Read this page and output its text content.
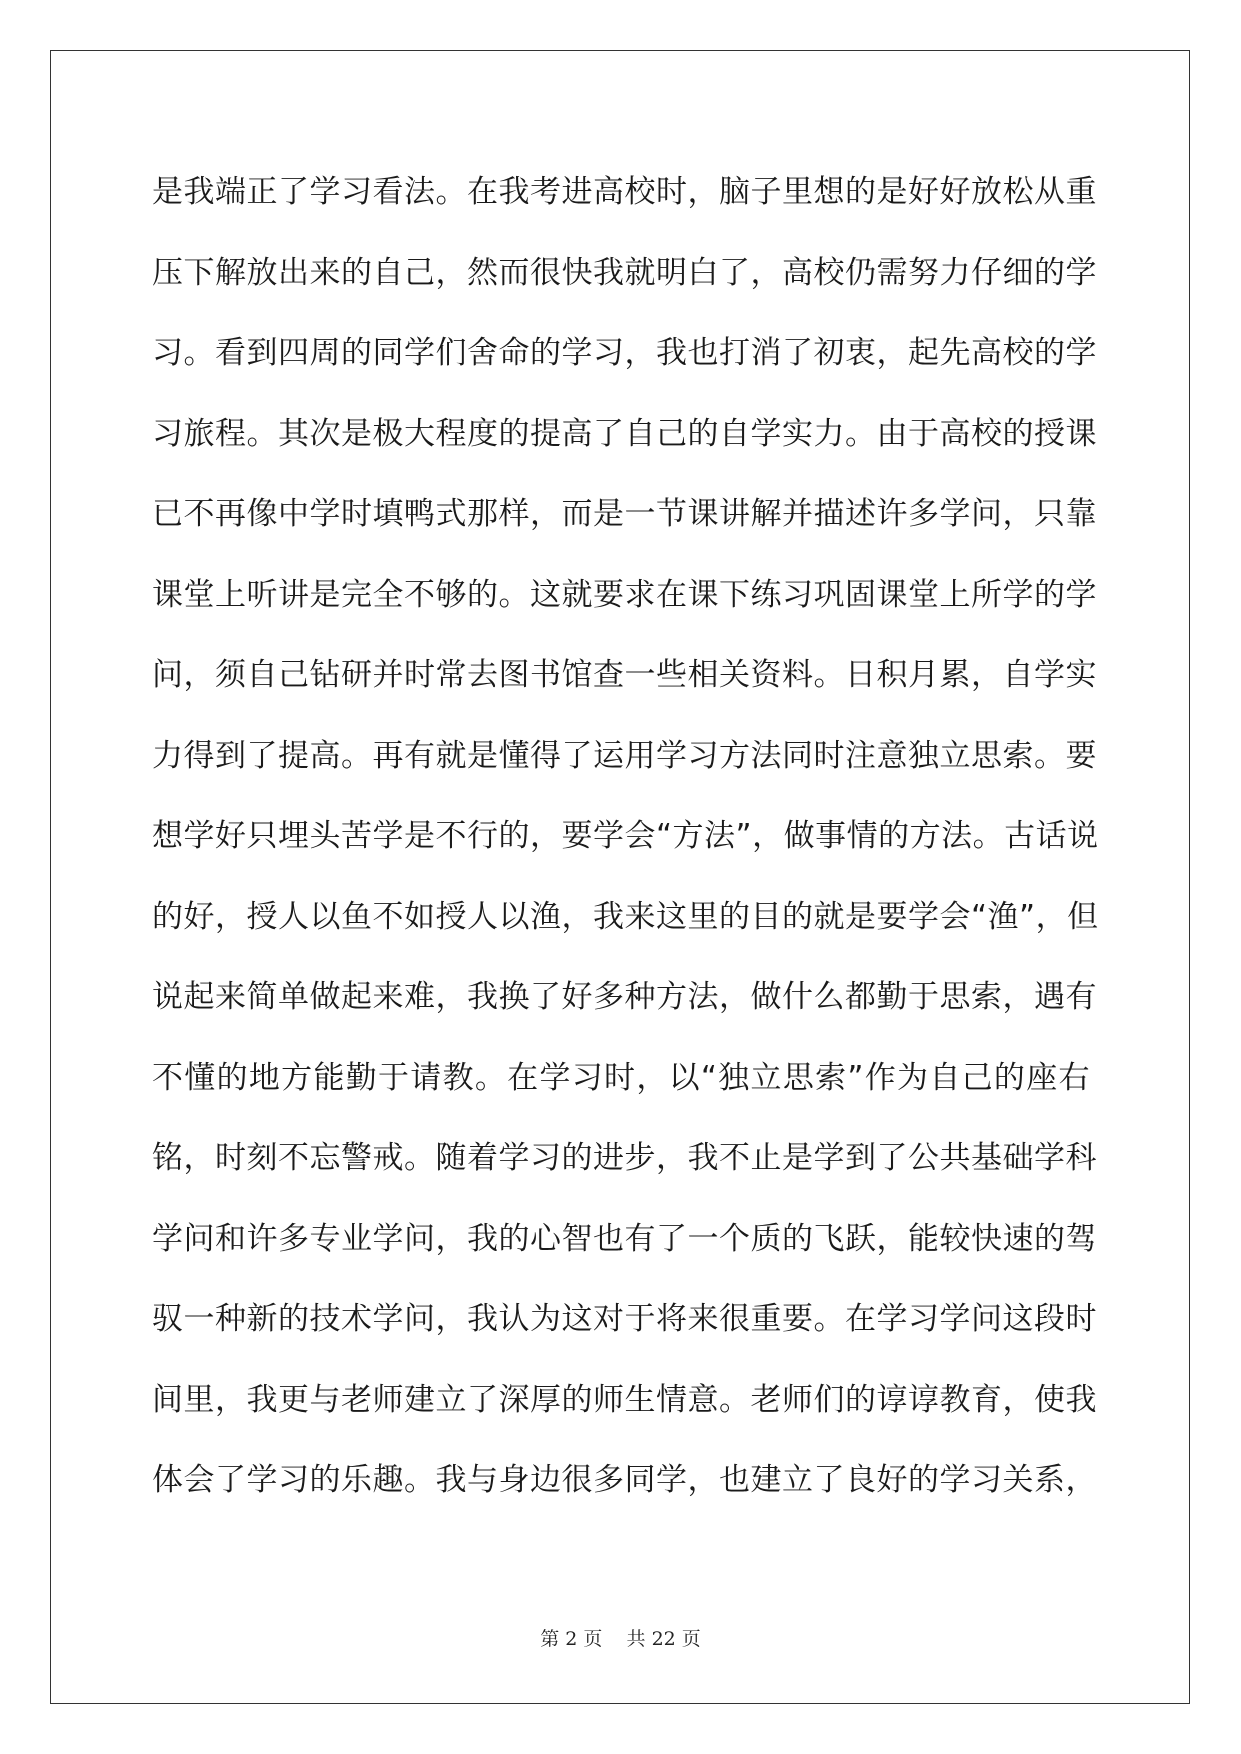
是我端正了学习看法。在我考进高校时，脑子里想的是好好放松从重
压下解放出来的自己，然而很快我就明白了，高校仍需努力仔细的学
习。看到四周的同学们舍命的学习，我也打消了初衷，起先高校的学
习旅程。其次是极大程度的提高了自己的自学实力。由于高校的授课
已不再像中学时填鸭式那样，而是一节课讲解并描述许多学问，只靠
课堂上听讲是完全不够的。这就要求在课下练习巩固课堂上所学的学
问，须自己钻研并时常去图书馆查一些相关资料。日积月累，自学实
力得到了提高。再有就是懂得了运用学习方法同时注意独立思索。要
想学好只埋头苦学是不行的，要学会“方法”，做事情的方法。古话说
的好，授人以鱼不如授人以渔，我来这里的目的就是要学会“渔”，但
说起来简单做起来难，我换了好多种方法，做什么都勤于思索，遇有
不懂的地方能勤于请教。在学习时，以“独立思索”作为自己的座右
铭，时刻不忘警戒。随着学习的进步，我不止是学到了公共基础学科
学问和许多专业学问，我的心智也有了一个质的飞跃，能较快速的驾
驭一种新的技术学问，我认为这对于将来很重要。在学习学问这段时
间里，我更与老师建立了深厚的师生情意。老师们的谆谆教育，使我
体会了学习的乐趣。我与身边很多同学，也建立了良好的学习关系，
第 2 页    共 22 页
